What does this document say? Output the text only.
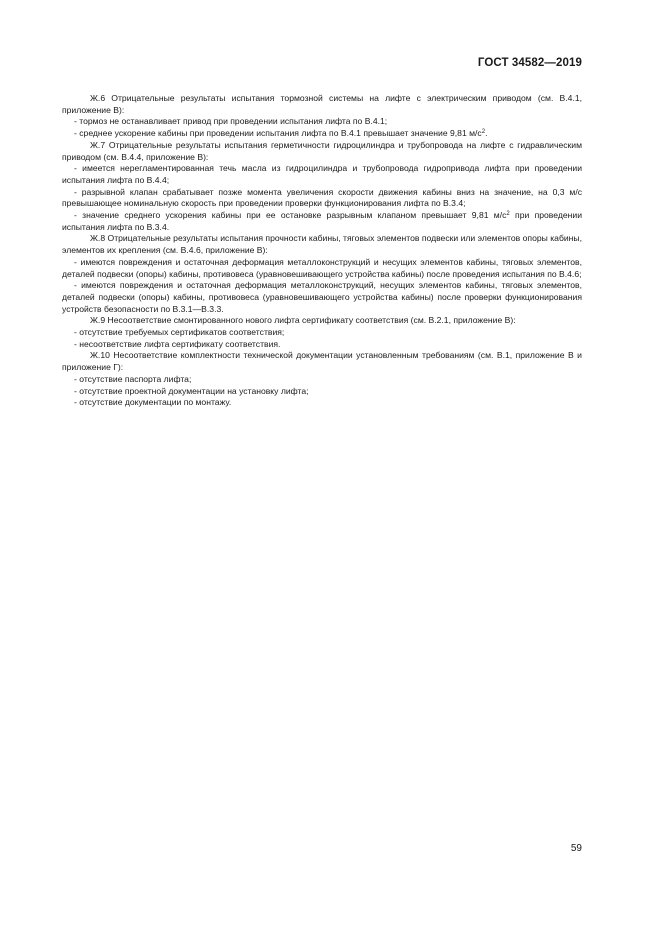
ГОСТ 34582—2019

Ж.6 Отрицательные результаты испытания тормозной системы на лифте с электрическим приводом (см. В.4.1, приложение В):

- тормоз не останавливает привод при проведении испытания лифта по В.4.1;

- среднее ускорение кабины при проведении испытания лифта по В.4.1 превышает значение 9,81 $м/с^2$.

Ж.7 Отрицательные результаты испытания герметичности гидроцилиндра и трубопровода на лифте с гидравлическим приводом (см. В.4.4, приложение В):

- имеется нерегламентированная течь масла из гидроцилиндра и трубопровода гидропривода лифта при проведении испытания лифта по В.4.4;

- разрывной клапан срабатывает позже момента увеличения скорости движения кабины вниз на значение, на 0,3 м/с превышающее номинальную скорость при проведении проверки функционирования лифта по В.3.4;

- значение среднего ускорения кабины при ее остановке разрывным клапаном превышает 9,81 $м/с^2$ при проведении испытания лифта по В.3.4.

Ж.8 Отрицательные результаты испытания прочности кабины, тяговых элементов подвески или элементов опоры кабины, элементов их крепления (см. В.4.6, приложение В):

- имеются повреждения и остаточная деформация металлоконструкций и несущих элементов кабины, тяговых элементов, деталей подвески (опоры) кабины, противовеса (уравновешивающего устройства кабины) после проведения испытания по В.4.6;

- имеются повреждения и остаточная деформация металлоконструкций, несущих элементов кабины, тяговых элементов, деталей подвески (опоры) кабины, противовеса (уравновешивающего устройства кабины) после проверки функционирования устройств безопасности по В.3.1—В.3.3.

Ж.9 Несоответствие смонтированного нового лифта сертификату соответствия (см. В.2.1, приложение В):

- отсутствие требуемых сертификатов соответствия;

- несоответствие лифта сертификату соответствия.

Ж.10 Несоответствие комплектности технической документации установленным требованиям (см. В.1, приложение В и приложение Г):

- отсутствие паспорта лифта;

- отсутствие проектной документации на установку лифта;

- отсутствие документации по монтажу.

59
